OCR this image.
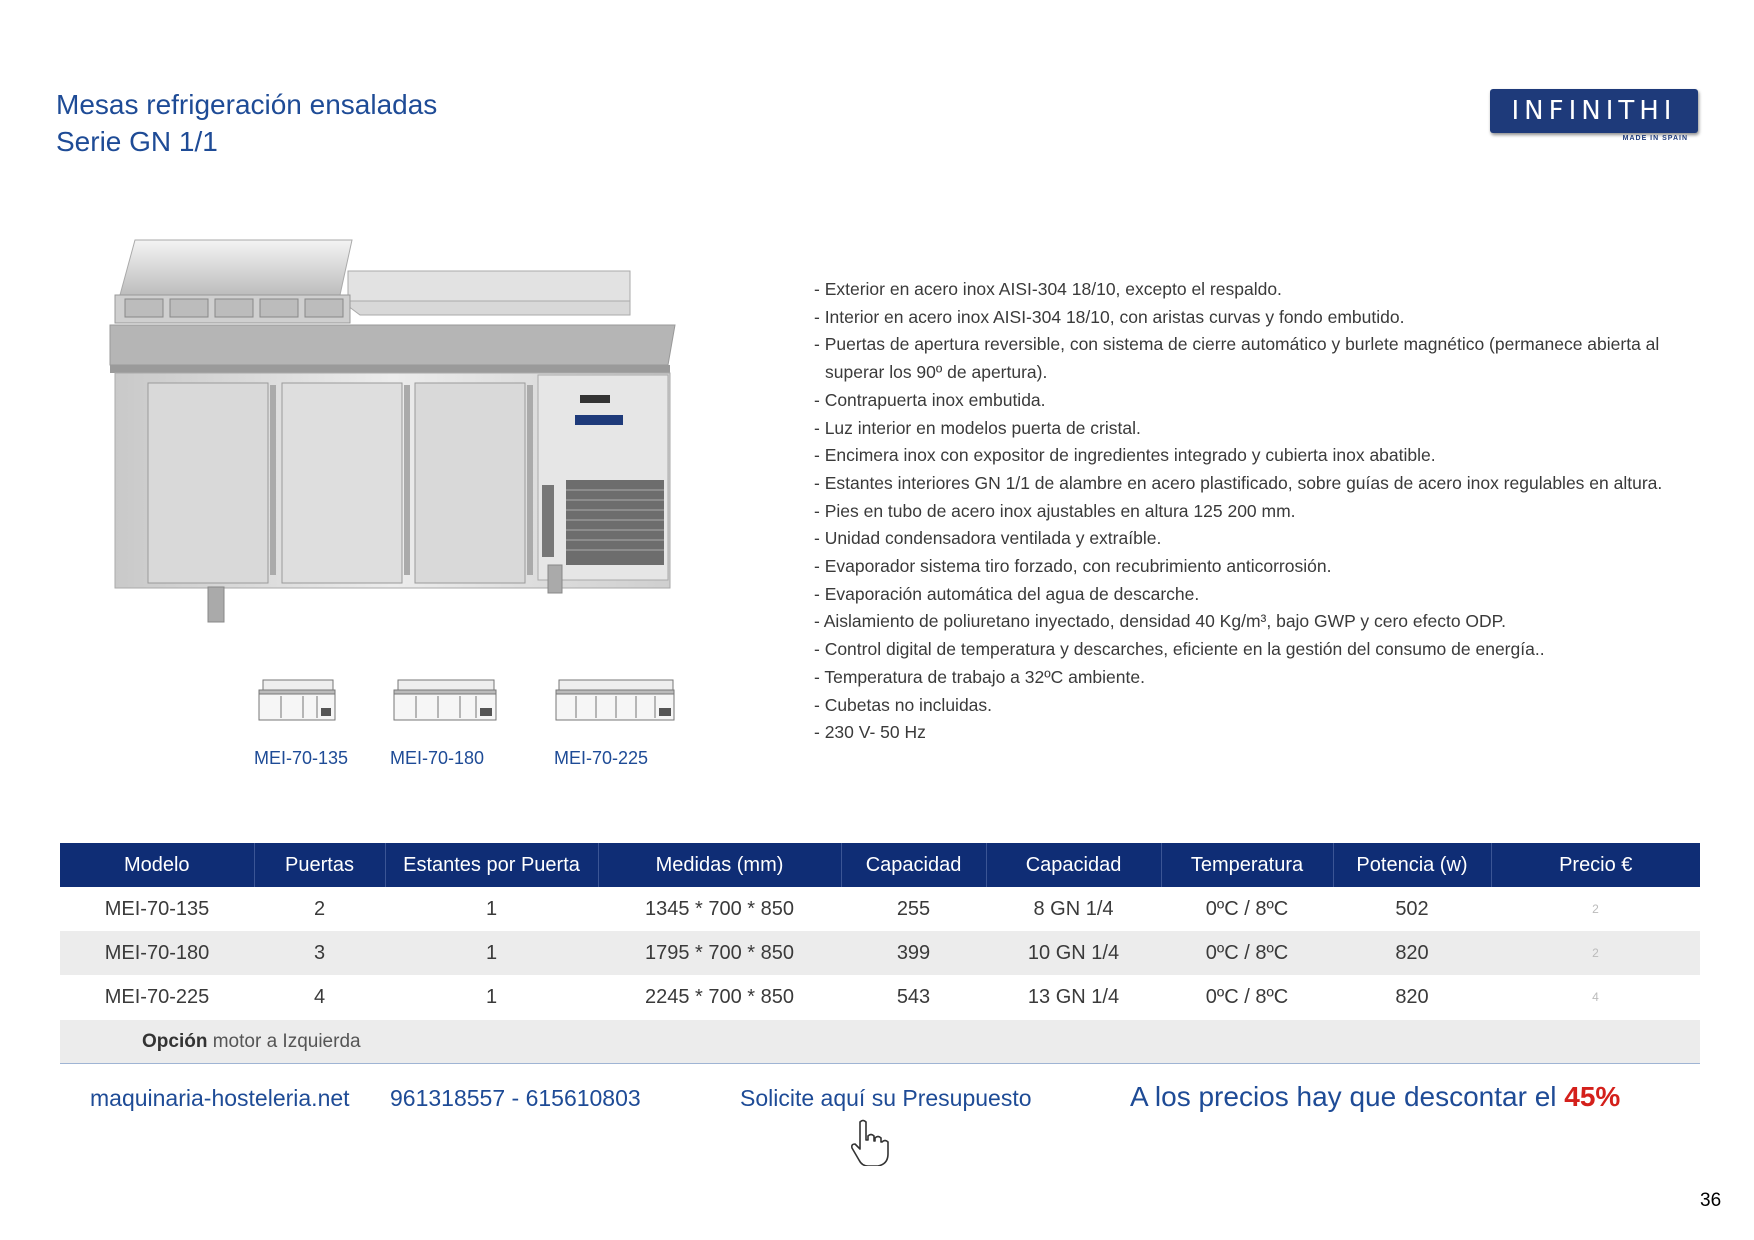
Mesas refrigeración ensaladas
Serie GN 1/1
INFINITHI
MADE IN SPAIN
MEI-70-135 MEI-70-180	MEI-70-225
- Exterior en acero inox AISI-304 18/10, excepto el respaldo.
- Interior en acero inox AISI-304 18/10, con aristas curvas y fondo embutido.
- Puertas de apertura reversible, con sistema de cierre automático y burlete magnético (permanece abierta al superar los 90º de apertura).
- Contrapuerta inox embutida.
- Luz interior en modelos puerta de cristal.
- Encimera inox con expositor de ingredientes integrado y cubierta inox abatible.
- Estantes interiores GN 1/1 de alambre en acero plastificado, sobre guías de acero inox regulables en altura.
- Pies en tubo de acero inox ajustables en altura 125 200 mm.
- Unidad condensadora ventilada y extraíble.
- Evaporador sistema tiro forzado, con recubrimiento anticorrosión.
- Evaporación automática del agua de descarche.
- Aislamiento de poliuretano inyectado, densidad 40 Kg/m³, bajo GWP y cero efecto ODP.
- Control digital de temperatura y descarches, eficiente en la gestión del consumo de energía..
- Temperatura de trabajo a 32ºC ambiente.
- Cubetas no incluidas.
- 230 V- 50 Hz
Modelo	Puertas	Estantes por Puerta	Medidas (mm)	Capacidad	Capacidad	Temperatura	Potencia (w)	Precio €
MEI-70-135	2	1	1345 * 700 * 850	255	8 GN 1/4	0ºC / 8ºC	502	2
MEI-70-180	3	1	1795 * 700 * 850	399	10 GN 1/4	0ºC / 8ºC	820	2
MEI-70-225	4	1	2245 * 700 * 850	543	13 GN 1/4	0ºC / 8ºC	820	4
Opción motor a Izquierda
maquinaria-hosteleria.net 961318557 - 615610803	Solicite aquí su Presupuesto	A los precios hay que descontar el 45%
36
